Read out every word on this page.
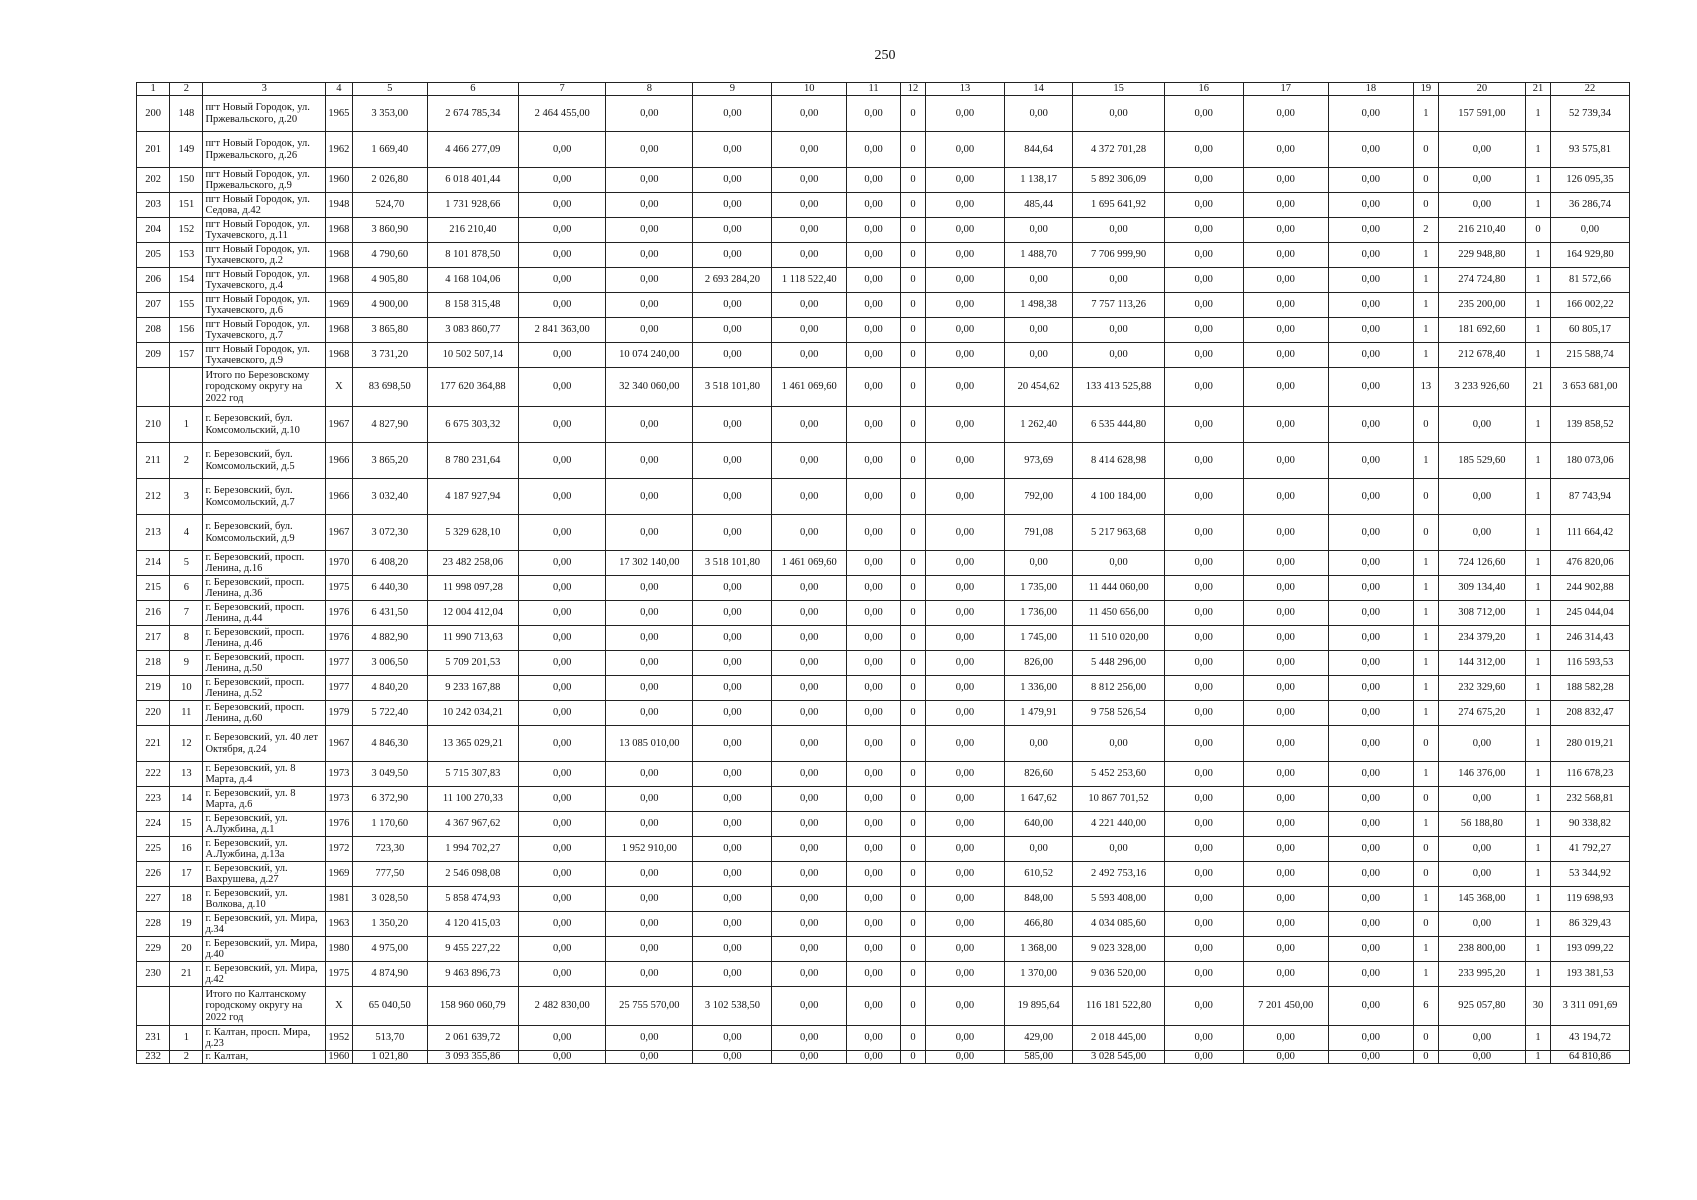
250
1	2	3	4	5	6	7	8	9	10	11	12	13	14	15	16	17	18	19	20	21	22
200	148	пгт Новый Городок, ул. Пржевальского, д.20	1965	3 353,00	2 674 785,34	2 464 455,00	0,00	0,00	0,00	0,00	0	0,00	0,00	0,00	0,00	0,00	0,00	1	157 591,00	1	52 739,34
201	149	пгт Новый Городок, ул. Пржевальского, д.26	1962	1 669,40	4 466 277,09	0,00	0,00	0,00	0,00	0,00	0	0,00	844,64	4 372 701,28	0,00	0,00	0,00	0	0,00	1	93 575,81
202	150	пгт Новый Городок, ул. Пржевальского, д.9	1960	2 026,80	6 018 401,44	0,00	0,00	0,00	0,00	0,00	0	0,00	1 138,17	5 892 306,09	0,00	0,00	0,00	0	0,00	1	126 095,35
203	151	пгт Новый Городок, ул. Седова, д.42	1948	524,70	1 731 928,66	0,00	0,00	0,00	0,00	0,00	0	0,00	485,44	1 695 641,92	0,00	0,00	0,00	0	0,00	1	36 286,74
204	152	пгт Новый Городок, ул. Тухачевского, д.11	1968	3 860,90	216 210,40	0,00	0,00	0,00	0,00	0,00	0	0,00	0,00	0,00	0,00	0,00	0,00	2	216 210,40	0	0,00
205	153	пгт Новый Городок, ул. Тухачевского, д.2	1968	4 790,60	8 101 878,50	0,00	0,00	0,00	0,00	0,00	0	0,00	1 488,70	7 706 999,90	0,00	0,00	0,00	1	229 948,80	1	164 929,80
206	154	пгт Новый Городок, ул. Тухачевского, д.4	1968	4 905,80	4 168 104,06	0,00	0,00	2 693 284,20	1 118 522,40	0,00	0	0,00	0,00	0,00	0,00	0,00	0,00	1	274 724,80	1	81 572,66
207	155	пгт Новый Городок, ул. Тухачевского, д.6	1969	4 900,00	8 158 315,48	0,00	0,00	0,00	0,00	0,00	0	0,00	1 498,38	7 757 113,26	0,00	0,00	0,00	1	235 200,00	1	166 002,22
208	156	пгт Новый Городок, ул. Тухачевского, д.7	1968	3 865,80	3 083 860,77	2 841 363,00	0,00	0,00	0,00	0,00	0	0,00	0,00	0,00	0,00	0,00	0,00	1	181 692,60	1	60 805,17
209	157	пгт Новый Городок, ул. Тухачевского, д.9	1968	3 731,20	10 502 507,14	0,00	10 074 240,00	0,00	0,00	0,00	0	0,00	0,00	0,00	0,00	0,00	0,00	1	212 678,40	1	215 588,74
		Итого по Березовскому городскому округу на 2022 год	X	83 698,50	177 620 364,88	0,00	32 340 060,00	3 518 101,80	1 461 069,60	0,00	0	0,00	20 454,62	133 413 525,88	0,00	0,00	0,00	13	3 233 926,60	21	3 653 681,00
210	1	г. Березовский, бул. Комсомольский, д.10	1967	4 827,90	6 675 303,32	0,00	0,00	0,00	0,00	0,00	0	0,00	1 262,40	6 535 444,80	0,00	0,00	0,00	0	0,00	1	139 858,52
211	2	г. Березовский, бул. Комсомольский, д.5	1966	3 865,20	8 780 231,64	0,00	0,00	0,00	0,00	0,00	0	0,00	973,69	8 414 628,98	0,00	0,00	0,00	1	185 529,60	1	180 073,06
212	3	г. Березовский, бул. Комсомольский, д.7	1966	3 032,40	4 187 927,94	0,00	0,00	0,00	0,00	0,00	0	0,00	792,00	4 100 184,00	0,00	0,00	0,00	0	0,00	1	87 743,94
213	4	г. Березовский, бул. Комсомольский, д.9	1967	3 072,30	5 329 628,10	0,00	0,00	0,00	0,00	0,00	0	0,00	791,08	5 217 963,68	0,00	0,00	0,00	0	0,00	1	111 664,42
214	5	г. Березовский, просп. Ленина, д.16	1970	6 408,20	23 482 258,06	0,00	17 302 140,00	3 518 101,80	1 461 069,60	0,00	0	0,00	0,00	0,00	0,00	0,00	0,00	1	724 126,60	1	476 820,06
215	6	г. Березовский, просп. Ленина, д.36	1975	6 440,30	11 998 097,28	0,00	0,00	0,00	0,00	0,00	0	0,00	1 735,00	11 444 060,00	0,00	0,00	0,00	1	309 134,40	1	244 902,88
216	7	г. Березовский, просп. Ленина, д.44	1976	6 431,50	12 004 412,04	0,00	0,00	0,00	0,00	0,00	0	0,00	1 736,00	11 450 656,00	0,00	0,00	0,00	1	308 712,00	1	245 044,04
217	8	г. Березовский, просп. Ленина, д.46	1976	4 882,90	11 990 713,63	0,00	0,00	0,00	0,00	0,00	0	0,00	1 745,00	11 510 020,00	0,00	0,00	0,00	1	234 379,20	1	246 314,43
218	9	г. Березовский, просп. Ленина, д.50	1977	3 006,50	5 709 201,53	0,00	0,00	0,00	0,00	0,00	0	0,00	826,00	5 448 296,00	0,00	0,00	0,00	1	144 312,00	1	116 593,53
219	10	г. Березовский, просп. Ленина, д.52	1977	4 840,20	9 233 167,88	0,00	0,00	0,00	0,00	0,00	0	0,00	1 336,00	8 812 256,00	0,00	0,00	0,00	1	232 329,60	1	188 582,28
220	11	г. Березовский, просп. Ленина, д.60	1979	5 722,40	10 242 034,21	0,00	0,00	0,00	0,00	0,00	0	0,00	1 479,91	9 758 526,54	0,00	0,00	0,00	1	274 675,20	1	208 832,47
221	12	г. Березовский, ул. 40 лет Октября, д.24	1967	4 846,30	13 365 029,21	0,00	13 085 010,00	0,00	0,00	0,00	0	0,00	0,00	0,00	0,00	0,00	0,00	0	0,00	1	280 019,21
222	13	г. Березовский, ул. 8 Марта, д.4	1973	3 049,50	5 715 307,83	0,00	0,00	0,00	0,00	0,00	0	0,00	826,60	5 452 253,60	0,00	0,00	0,00	1	146 376,00	1	116 678,23
223	14	г. Березовский, ул. 8 Марта, д.6	1973	6 372,90	11 100 270,33	0,00	0,00	0,00	0,00	0,00	0	0,00	1 647,62	10 867 701,52	0,00	0,00	0,00	0	0,00	1	232 568,81
224	15	г. Березовский, ул. А.Лужбина, д.1	1976	1 170,60	4 367 967,62	0,00	0,00	0,00	0,00	0,00	0	0,00	640,00	4 221 440,00	0,00	0,00	0,00	1	56 188,80	1	90 338,82
225	16	г. Березовский, ул. А.Лужбина, д.13а	1972	723,30	1 994 702,27	0,00	1 952 910,00	0,00	0,00	0,00	0	0,00	0,00	0,00	0,00	0,00	0,00	0	0,00	1	41 792,27
226	17	г. Березовский, ул. Вахрушева, д.27	1969	777,50	2 546 098,08	0,00	0,00	0,00	0,00	0,00	0	0,00	610,52	2 492 753,16	0,00	0,00	0,00	0	0,00	1	53 344,92
227	18	г. Березовский, ул. Волкова, д.10	1981	3 028,50	5 858 474,93	0,00	0,00	0,00	0,00	0,00	0	0,00	848,00	5 593 408,00	0,00	0,00	0,00	1	145 368,00	1	119 698,93
228	19	г. Березовский, ул. Мира, д.34	1963	1 350,20	4 120 415,03	0,00	0,00	0,00	0,00	0,00	0	0,00	466,80	4 034 085,60	0,00	0,00	0,00	0	0,00	1	86 329,43
229	20	г. Березовский, ул. Мира, д.40	1980	4 975,00	9 455 227,22	0,00	0,00	0,00	0,00	0,00	0	0,00	1 368,00	9 023 328,00	0,00	0,00	0,00	1	238 800,00	1	193 099,22
230	21	г. Березовский, ул. Мира, д.42	1975	4 874,90	9 463 896,73	0,00	0,00	0,00	0,00	0,00	0	0,00	1 370,00	9 036 520,00	0,00	0,00	0,00	1	233 995,20	1	193 381,53
		Итого по Калтанскому городскому округу на 2022 год	X	65 040,50	158 960 060,79	2 482 830,00	25 755 570,00	3 102 538,50	0,00	0,00	0	0,00	19 895,64	116 181 522,80	0,00	7 201 450,00	0,00	6	925 057,80	30	3 311 091,69
231	1	г. Калтан, просп. Мира, д.23	1952	513,70	2 061 639,72	0,00	0,00	0,00	0,00	0,00	0	0,00	429,00	2 018 445,00	0,00	0,00	0,00	0	0,00	1	43 194,72
232	2	г. Калтан,	1960	1 021,80	3 093 355,86	0,00	0,00	0,00	0,00	0,00	0	0,00	585,00	3 028 545,00	0,00	0,00	0,00	0	0,00	1	64 810,86
